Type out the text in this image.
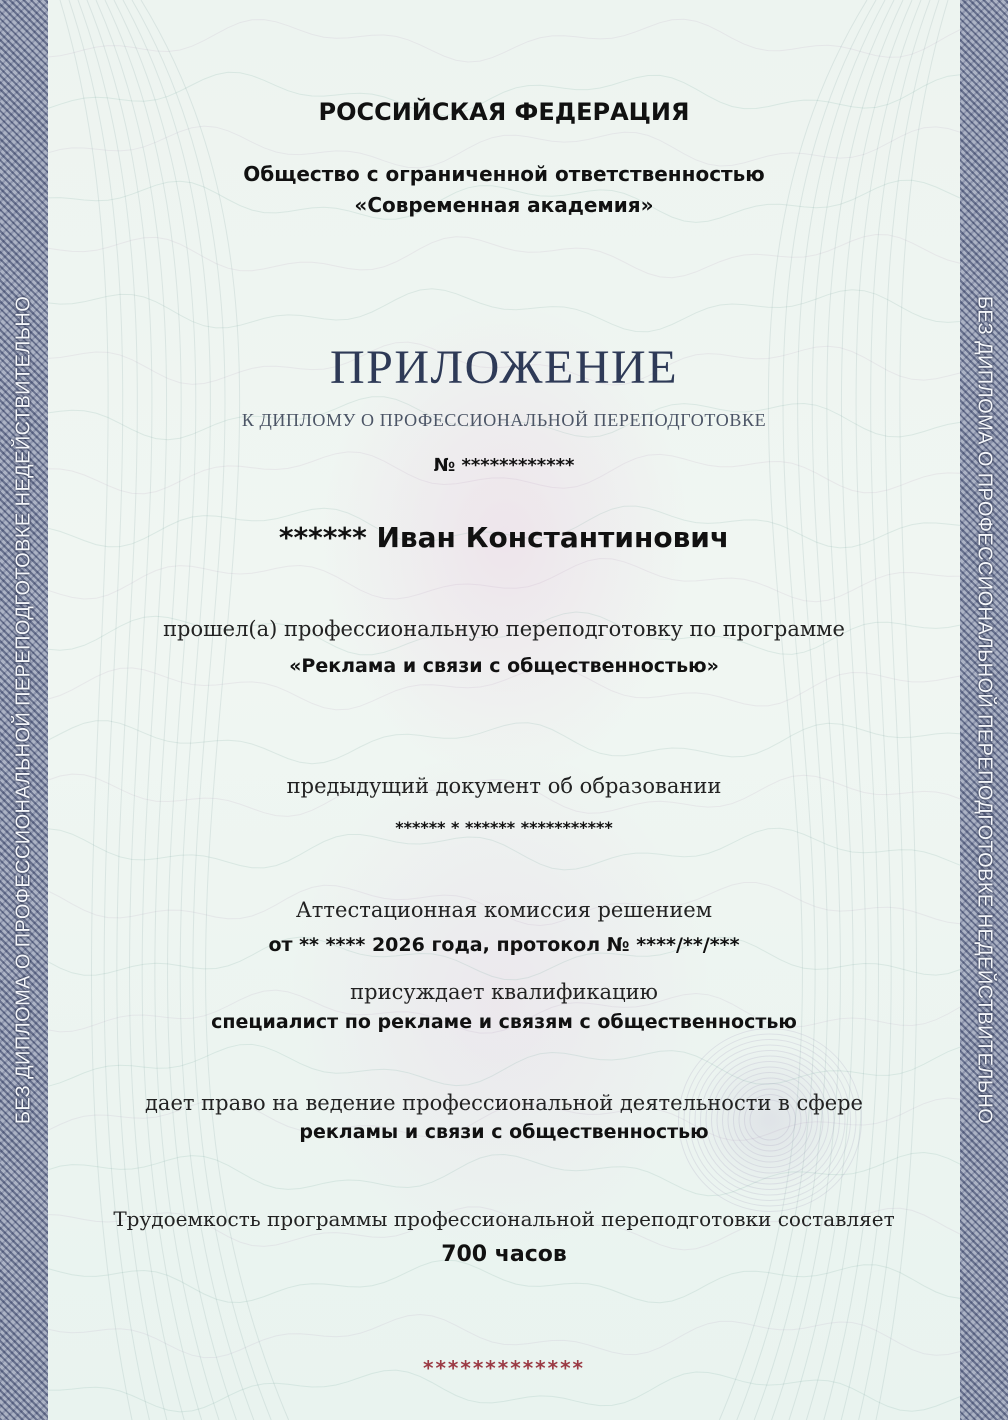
БЕЗ ДИПЛОМА О ПРОФЕССИОНАЛЬНОЙ ПЕРЕПОДГОТОВКЕ НЕДЕЙСТВИТЕЛЬНО	БЕЗ ДИПЛОМА О ПРОФЕССИОНАЛЬНОЙ ПЕРЕПОДГОТОВКЕ НЕДЕЙСТВИТЕЛЬНО

РОССИЙСКАЯ ФЕДЕРАЦИЯ

Общество с ограниченной ответственностью

«Современная академия»

ПРИЛОЖЕНИЕ

К ДИПЛОМУ О ПРОФЕССИОНАЛЬНОЙ ПЕРЕПОДГОТОВКЕ

№ ************

****** Иван Константинович

прошел(а) профессиональную переподготовку по программе

«Реклама и связи с общественностью»

предыдущий документ об образовании

****** * ****** ***********

Аттестационная комиссия решением

от ** **** 2026 года, протокол № ****/**/***

присуждает квалификацию

специалист по рекламе и связям с общественностью

дает право на ведение профессиональной деятельности в сфере

рекламы и связи с общественностью

Трудоемкость программы профессиональной переподготовки составляет

700 часов

*************
